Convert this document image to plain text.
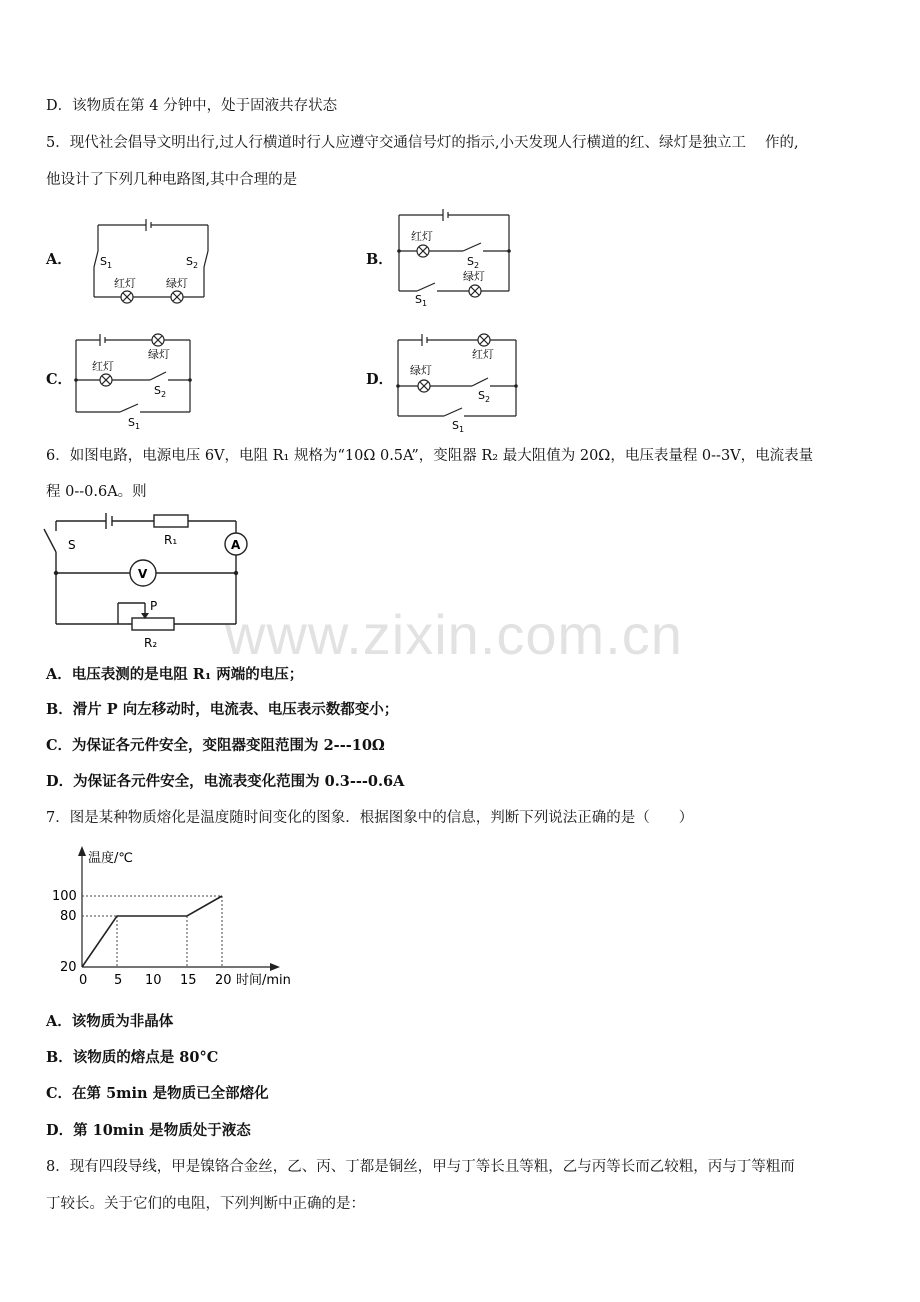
D．该物质在第 4 分钟中，处于固液共存状态
5．现代社会倡导文明出行,过人行横道时行人应遵守交通信号灯的指示,小天发现人行横道的红、绿灯是独立工　 作的,
他设计了下列几种电路图,其中合理的是
A．	B．
C．	D．
$S_1$	$S_2$
红灯	绿灯
红灯
$S_2$
绿灯
$S_1$
绿灯
红灯
$S_2$
$S_1$
红灯
绿灯
$S_2$
$S_1$
6．如图电路，电源电压 6V，电阻 R₁ 规格为“10Ω 0.5A”，变阻器 R₂ 最大阻值为 20Ω，电压表量程 0--3V，电流表量
程 0--0.6A。则
S	R₁	A
V
P
R₂
A．电压表测的是电阻 R₁ 两端的电压；
B．滑片 P 向左移动时，电流表、电压表示数都变小；
C．为保证各元件安全，变阻器变阻范围为 2---10Ω
D．为保证各元件安全，电流表变化范围为 0.3---0.6A
7．图是某种物质熔化是温度随时间变化的图象．根据图象中的信息，判断下列说法正确的是（　　）
温度/℃
时间/min
0 5 10 15 20
20
80
100
A．该物质为非晶体
B．该物质的熔点是 80°C
C．在第 5min 是物质已全部熔化
D．第 10min 是物质处于液态
8．现有四段导线，甲是镍铬合金丝，乙、丙、丁都是铜丝，甲与丁等长且等粗，乙与丙等长而乙较粗，丙与丁等粗而
丁较长。关于它们的电阻，下列判断中正确的是：
www.zixin.com.cn
